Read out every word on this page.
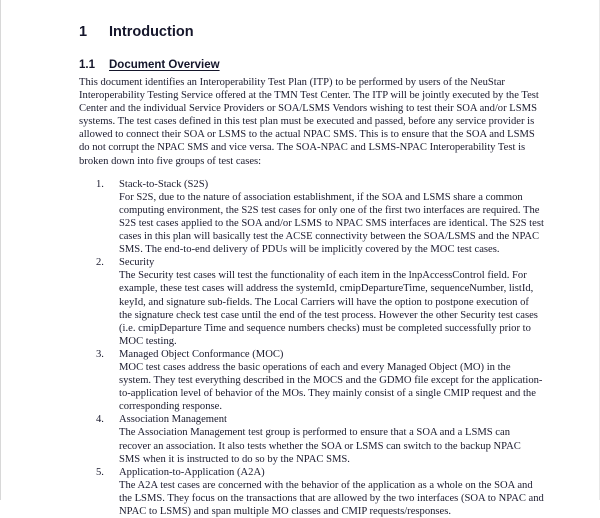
1	Introduction
1.1	Document Overview

This document identifies an Interoperability Test Plan (ITP) to be performed by users of the NeuStar Interoperability Testing Service offered at the TMN Test Center. The ITP will be jointly executed by the Test Center and the individual Service Providers or SOA/LSMS Vendors wishing to test their SOA and/or LSMS systems. The test cases defined in this test plan must be executed and passed, before any service provider is allowed to connect their SOA or LSMS to the actual NPAC SMS. This is to ensure that the SOA and LSMS do not corrupt the NPAC SMS and vice versa. The SOA-NPAC and LSMS-NPAC Interoperability Test is broken down into five groups of test cases:

1.	Stack-to-Stack (S2S)
For S2S, due to the nature of association establishment, if the SOA and LSMS share a common computing environment, the S2S test cases for only one of the first two interfaces are required. The S2S test cases applied to the SOA and/or LSMS to NPAC SMS interfaces are identical. The S2S test cases in this plan will basically test the ACSE connectivity between the SOA/LSMS and the NPAC SMS. The end-to-end delivery of PDUs will be implicitly covered by the MOC test cases.
2.	Security
The Security test cases will test the functionality of each item in the lnpAccessControl field. For example, these test cases will address the systemId, cmipDepartureTime, sequenceNumber, listId, keyId, and signature sub-fields. The Local Carriers will have the option to postpone execution of the signature check test case until the end of the test process. However the other Security test cases (i.e. cmipDeparture Time and sequence numbers checks) must be completed successfully prior to MOC testing.
3.	Managed Object Conformance (MOC)
MOC test cases address the basic operations of each and every Managed Object (MO) in the system. They test everything described in the MOCS and the GDMO file except for the application-to-application level of behavior of the MOs. They mainly consist of a single CMIP request and the corresponding response.
4.	Association Management
The Association Management test group is performed to ensure that a SOA and a LSMS can recover an association. It also tests whether the SOA or LSMS can switch to the backup NPAC SMS when it is instructed to do so by the NPAC SMS.
5.	Application-to-Application (A2A)
The A2A test cases are concerned with the behavior of the application as a whole on the SOA and the LSMS. They focus on the transactions that are allowed by the two interfaces (SOA to NPAC and NPAC to LSMS) and span multiple MO classes and CMIP requests/responses.
